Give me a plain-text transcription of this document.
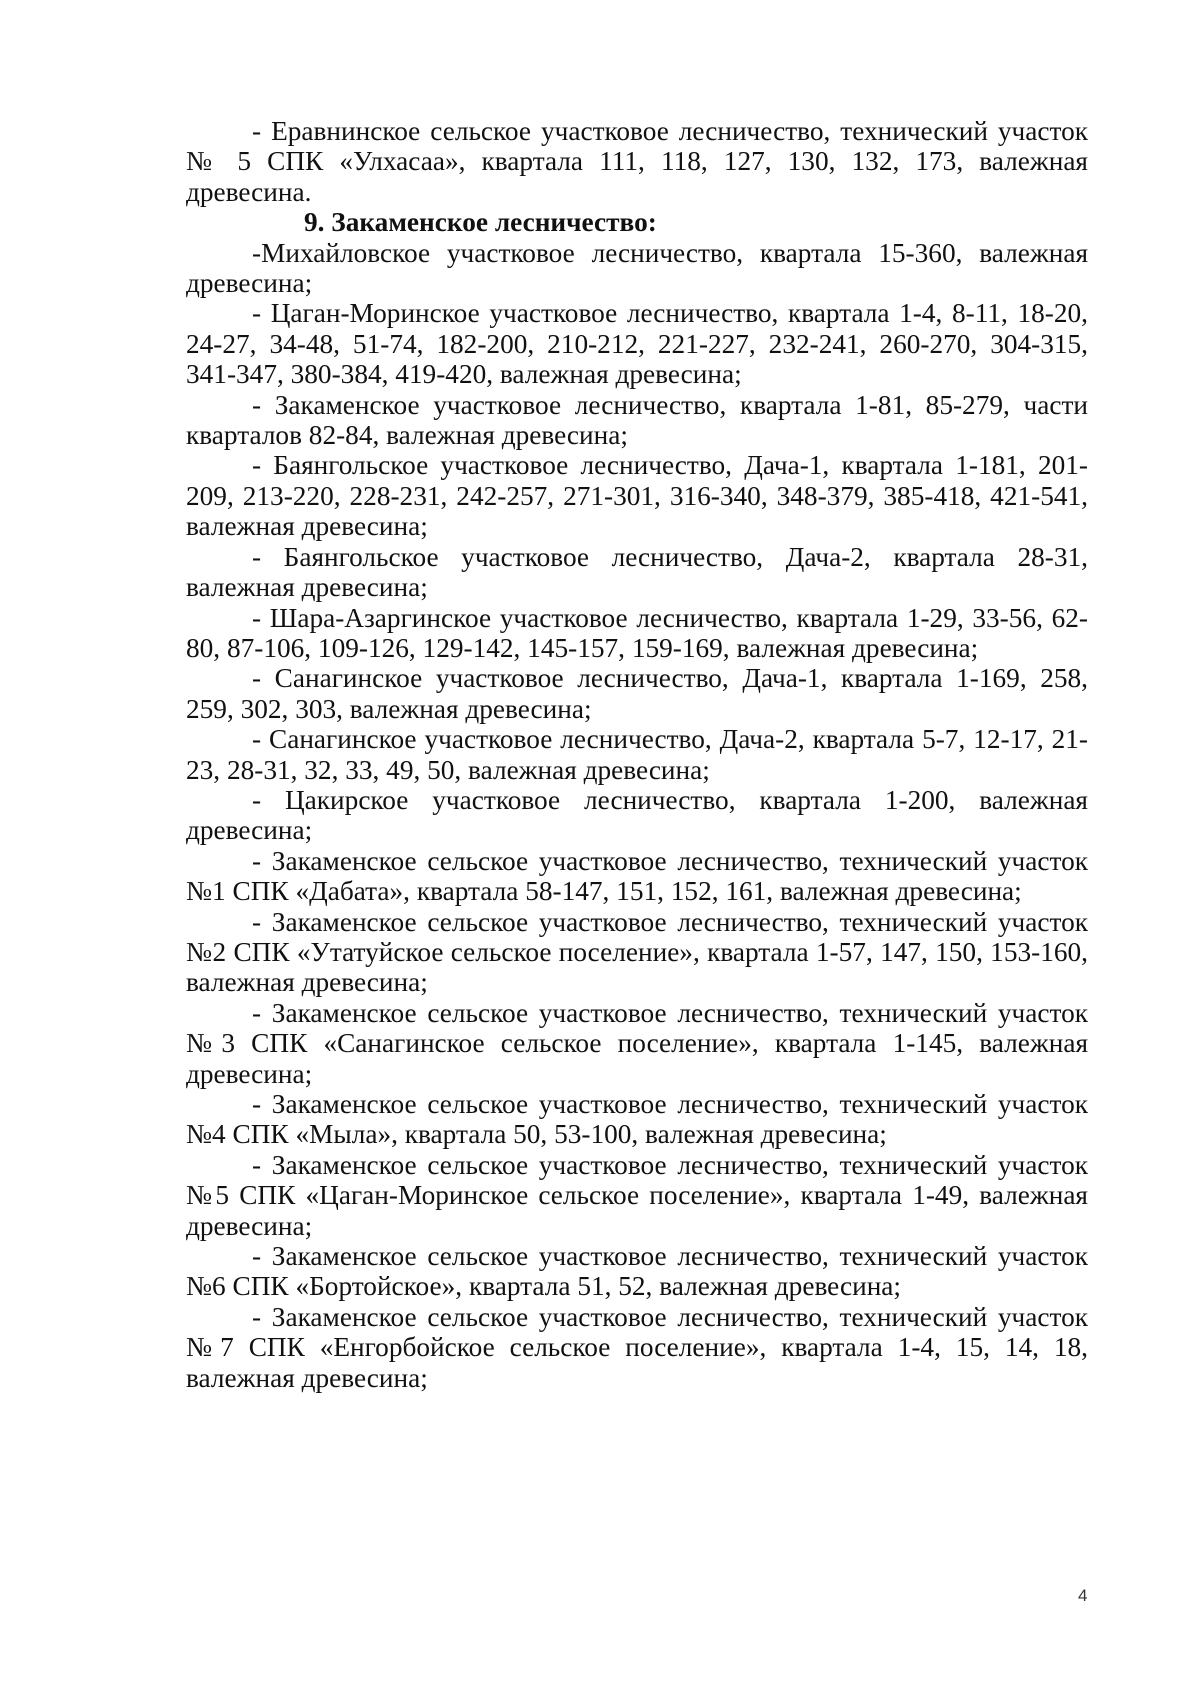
- Еравнинское сельское участковое лесничество, технический участок № 5 СПК «Улхасаа», квартала 111, 118, 127, 130, 132, 173, валежная древесина.

9. Закаменское лесничество:

-Михайловское участковое лесничество, квартала 15-360, валежная древесина;

- Цаган-Моринское участковое лесничество, квартала 1-4, 8-11, 18-20, 24-27, 34-48, 51-74, 182-200, 210-212, 221-227, 232-241, 260-270, 304-315, 341-347, 380-384, 419-420, валежная древесина;

- Закаменское участковое лесничество, квартала 1-81, 85-279, части кварталов 82-84, валежная древесина;

- Баянгольское участковое лесничество, Дача-1, квартала 1-181, 201-209, 213-220, 228-231, 242-257, 271-301, 316-340, 348-379, 385-418, 421-541, валежная древесина;

- Баянгольское участковое лесничество, Дача-2, квартала 28-31, валежная древесина;

- Шара-Азаргинское участковое лесничество, квартала 1-29, 33-56, 62-80, 87-106, 109-126, 129-142, 145-157, 159-169, валежная древесина;

- Санагинское участковое лесничество, Дача-1, квартала 1-169, 258, 259, 302, 303, валежная древесина;

- Санагинское участковое лесничество, Дача-2, квартала 5-7, 12-17, 21-23, 28-31, 32, 33, 49, 50, валежная древесина;

- Цакирское участковое лесничество, квартала 1-200, валежная древесина;

- Закаменское сельское участковое лесничество, технический участок №1 СПК «Дабата», квартала 58-147, 151, 152, 161, валежная древесина;

- Закаменское сельское участковое лесничество, технический участок №2 СПК «Утатуйское сельское поселение», квартала 1-57, 147, 150, 153-160, валежная древесина;

- Закаменское сельское участковое лесничество, технический участок №3 СПК «Санагинское сельское поселение», квартала 1-145, валежная древесина;

- Закаменское сельское участковое лесничество, технический участок №4 СПК «Мыла», квартала 50, 53-100, валежная древесина;

- Закаменское сельское участковое лесничество, технический участок №5 СПК «Цаган-Моринское сельское поселение», квартала 1-49, валежная древесина;

- Закаменское сельское участковое лесничество, технический участок №6 СПК «Бортойское», квартала 51, 52, валежная древесина;

- Закаменское сельское участковое лесничество, технический участок №7 СПК «Енгорбойское сельское поселение», квартала 1-4, 15, 14, 18, валежная древесина;

4
